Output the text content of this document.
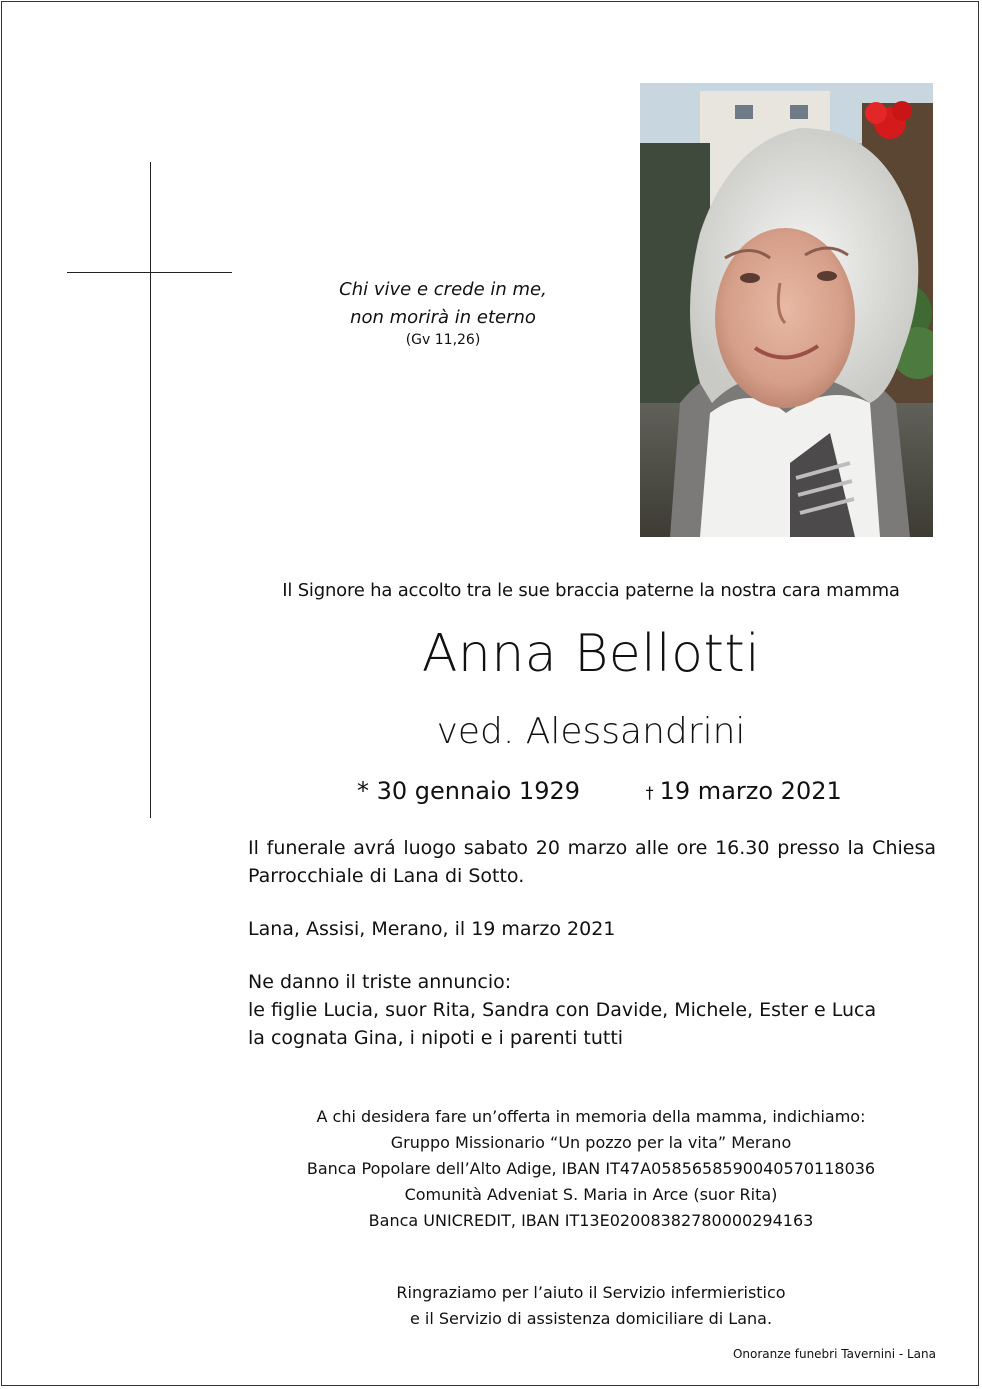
Chi vive e crede in me,
non morirà in eterno
(Gv 11,26)
Il Signore ha accolto tra le sue braccia paterne la nostra cara mamma
Anna Bellotti
ved. Alessandrini
* 30 gennaio 1929	† 19 marzo 2021
Il funerale avrá luogo sabato 20 marzo alle ore 16.30 presso la Chiesa Parrocchiale di Lana di Sotto.
Lana, Assisi, Merano, il 19 marzo 2021
Ne danno il triste annuncio:
le figlie Lucia, suor Rita, Sandra con Davide, Michele, Ester e Luca
la cognata Gina, i nipoti e i parenti tutti
A chi desidera fare un’offerta in memoria della mamma, indichiamo:
Gruppo Missionario “Un pozzo per la vita” Merano
Banca Popolare dell’Alto Adige, IBAN IT47A0585658590040570118036
Comunità Adveniat S. Maria in Arce (suor Rita)
Banca UNICREDIT, IBAN IT13E0200838278000029416​3
Ringraziamo per l’aiuto il Servizio infermieristico
e il Servizio di assistenza domiciliare di Lana.
Onoranze funebri Tavernini - Lana
